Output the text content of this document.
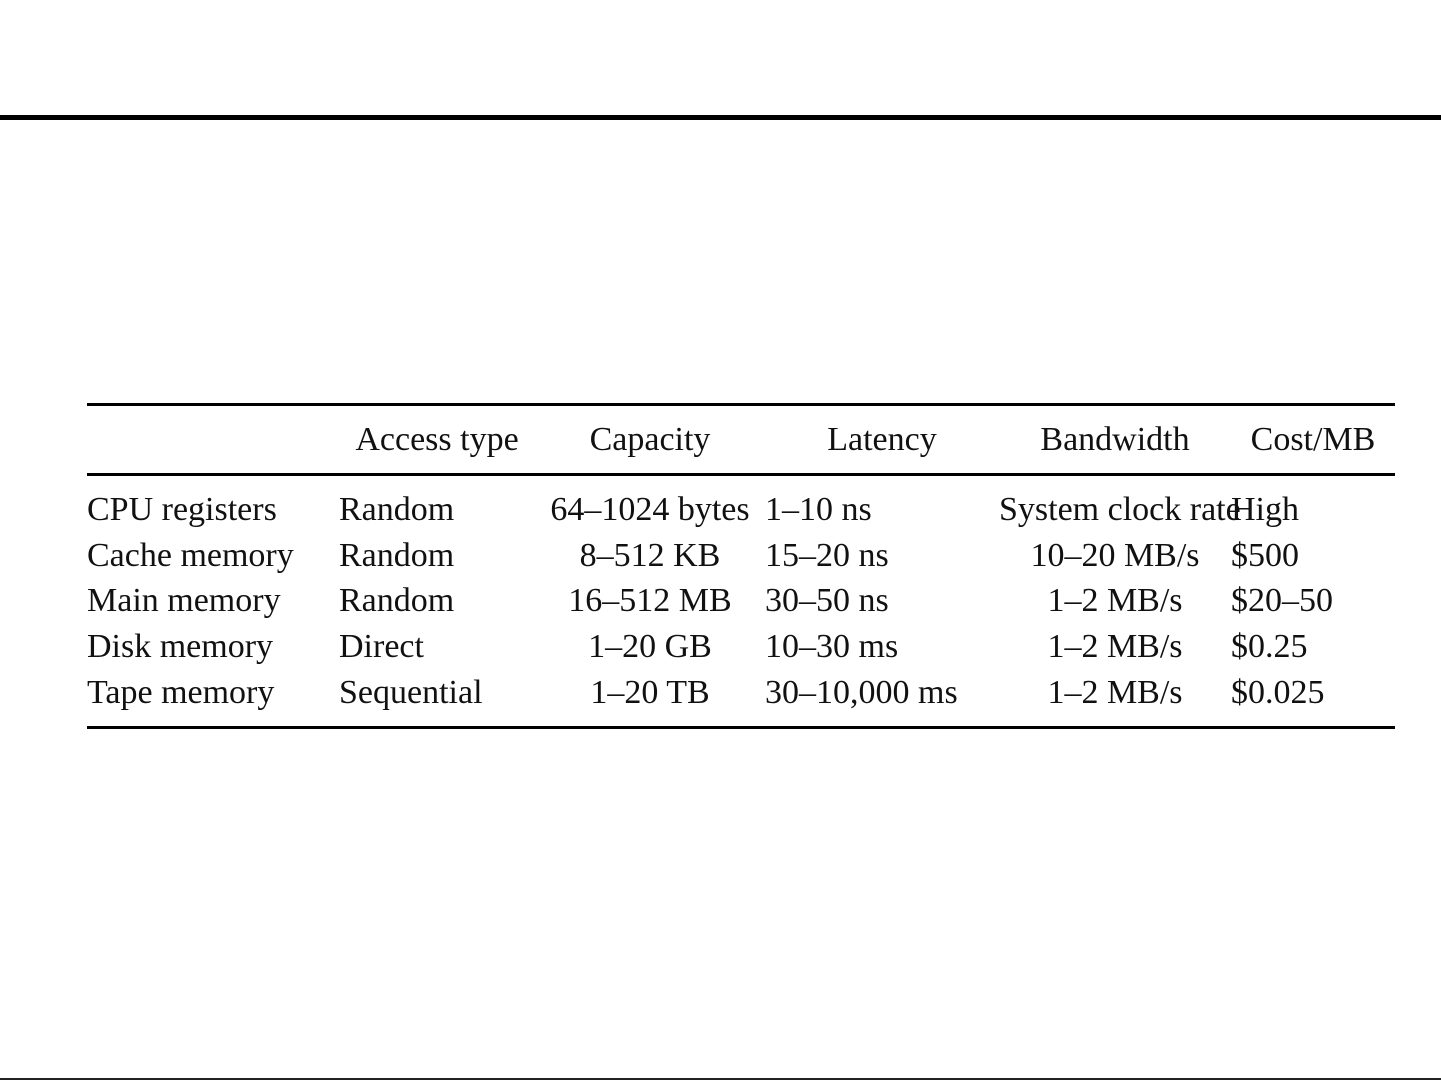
	Access type	Capacity	Latency	Bandwidth	Cost/MB
CPU registers	Random	64–1024 bytes	1–10 ns	System clock rate	High
Cache memory	Random	8–512 KB	15–20 ns	10–20 MB/s	$500
Main memory	Random	16–512 MB	30–50 ns	1–2 MB/s	$20–50
Disk memory	Direct	1–20 GB	10–30 ms	1–2 MB/s	$0.25
Tape memory	Sequential	1–20 TB	30–10,000 ms	1–2 MB/s	$0.025
